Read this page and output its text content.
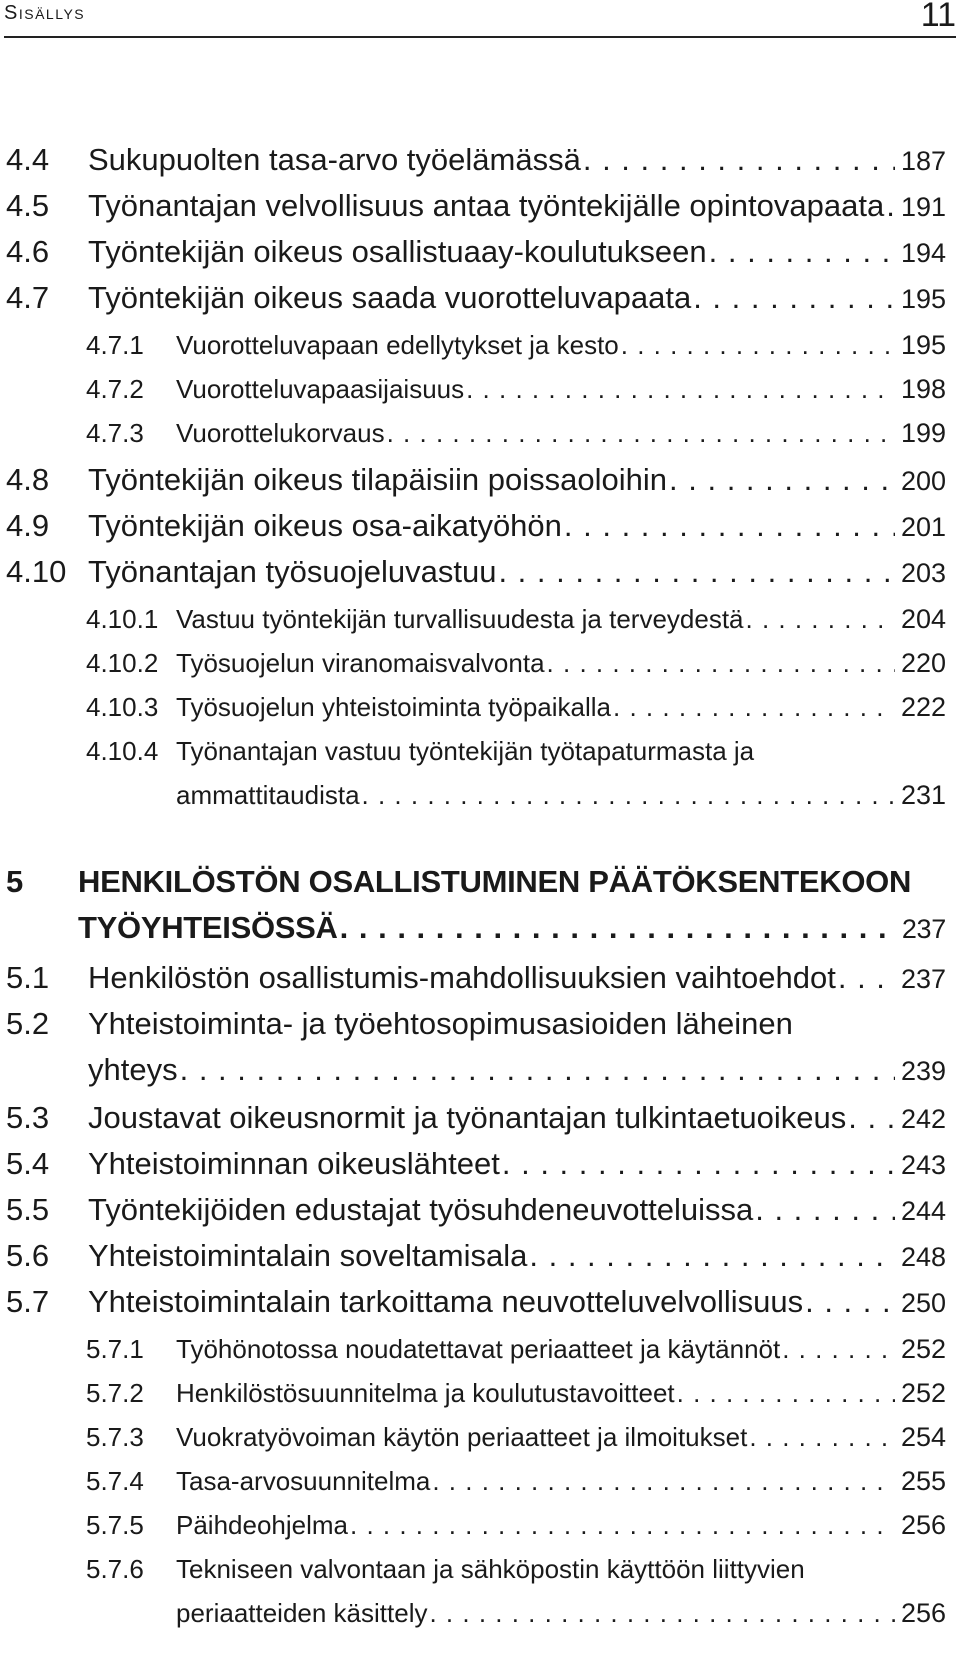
Sisällys	11
4.4 Sukupuolten tasa-arvo työelämässä . . .	187
4.5 Työnantajan velvollisuus antaa työntekijälle opintovapaata . . . 191
4.6 Työntekijän oikeus osallistuaay-koulutukseen . . .	194
4.7 Työntekijän oikeus saada vuorotteluvapaata . . .	195
4.7.1 Vuorotteluvapaan edellytykset ja kesto . . .	195
4.7.2 Vuorotteluvapaasijaisuus . . .	198
4.7.3 Vuorottelukorvaus . . .	199
4.8 Työntekijän oikeus tilapäisiin poissaoloihin . . .	200
4.9 Työntekijän oikeus osa-aikatyöhön . . .	201
4.10 Työnantajan työsuojeluvastuu . . .	203
4.10.1 Vastuu työntekijän turvallisuudesta ja terveydestä . . .	204
4.10.2 Työsuojelun viranomaisvalvonta . . .	220
4.10.3 Työsuojelun yhteistoiminta työpaikalla . . .	222
4.10.4 Työnantajan vastuu työntekijän työtapaturmasta ja
ammattitaudista . . .	231
5 HENKILÖSTÖN OSALLISTUMINEN PÄÄTÖKSENTEKOON
TYÖYHTEISÖSSÄ . . .	237
5.1 Henkilöstön osallistumis-mahdollisuuksien vaihtoehdot . . . 237
5.2 Yhteistoiminta- ja työehtosopimusasioiden läheinen
yhteys . . .	239
5.3 Joustavat oikeusnormit ja työnantajan tulkintaetuoikeus . . . 242
5.4 Yhteistoiminnan oikeuslähteet . . .	243
5.5 Työntekijöiden edustajat työsuhdeneuvotteluissa . . .	244
5.6 Yhteistoimintalain soveltamisala . . .	248
5.7 Yhteistoimintalain tarkoittama neuvotteluvelvollisuus . . .	250
5.7.1 Työhönotossa noudatettavat periaatteet ja käytännöt . . .	252
5.7.2 Henkilöstösuunnitelma ja koulutustavoitteet . . .	252
5.7.3 Vuokratyövoiman käytön periaatteet ja ilmoitukset . . .	254
5.7.4 Tasa-arvosuunnitelma . . .	255
5.7.5 Päihdeohjelma . . .	256
5.7.6 Tekniseen valvontaan ja sähköpostin käyttöön liittyvien
periaatteiden käsittely . . .	256
